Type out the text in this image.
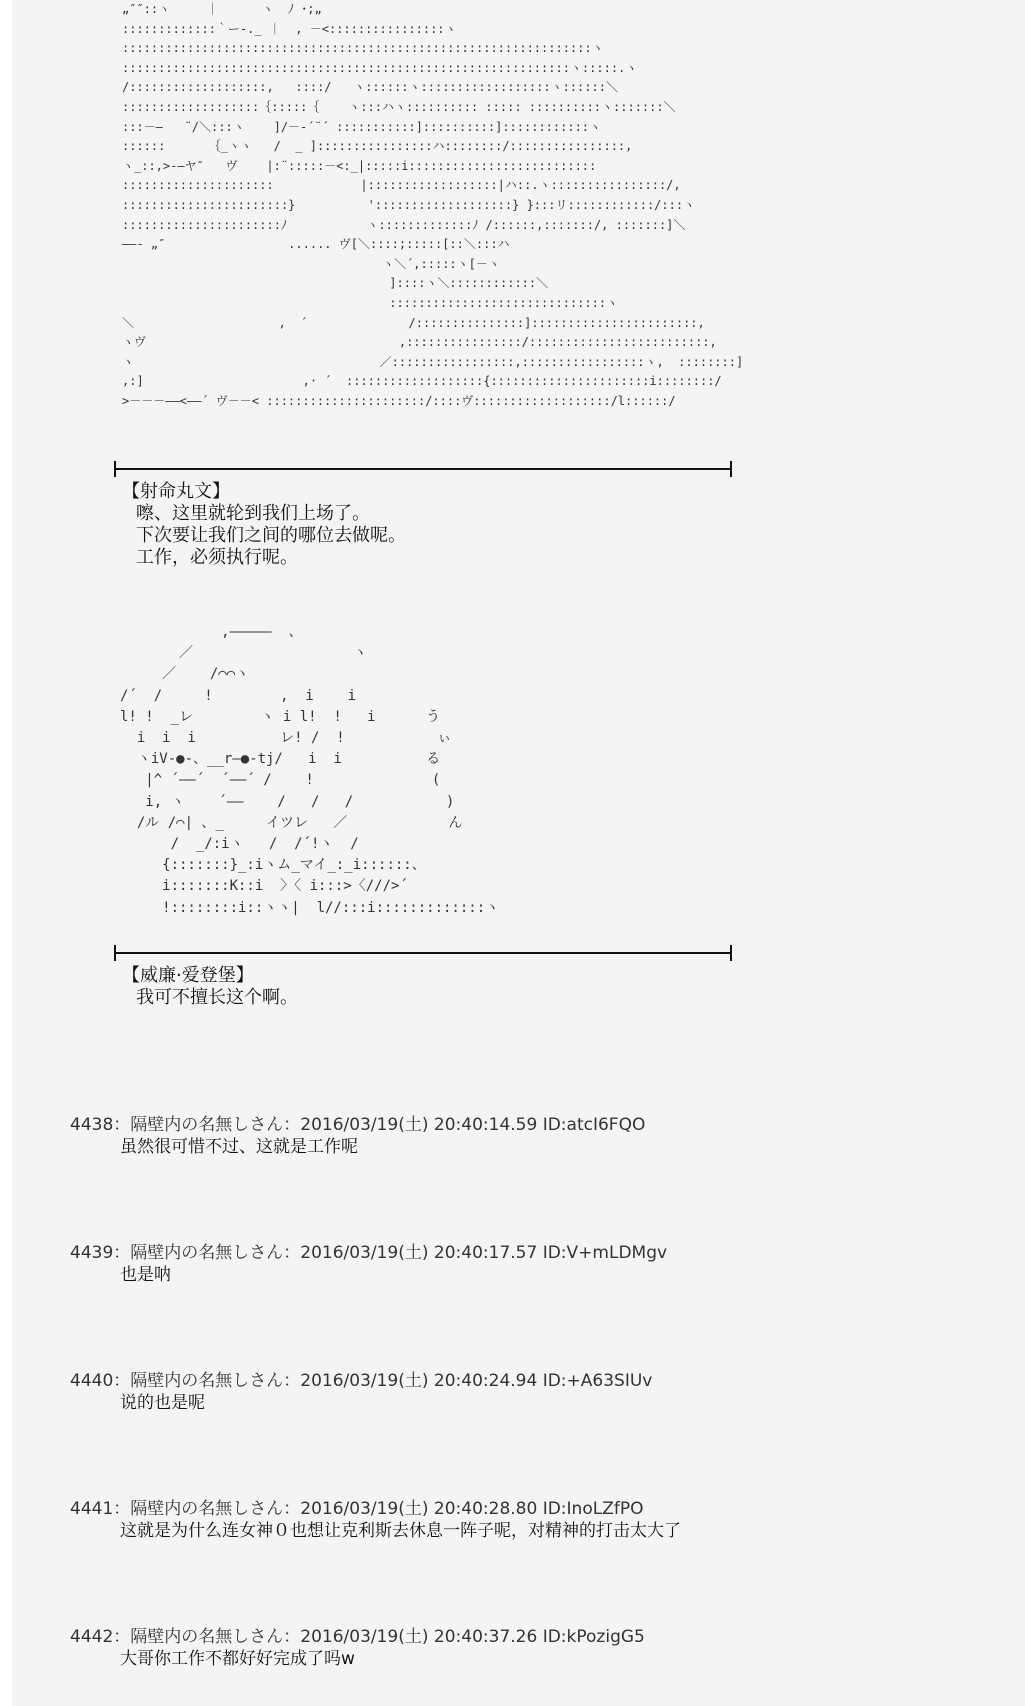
„″″::ヽ     ｜      ヽ  ﾉ ･;„
:::::::::::::｀ー-._ ｜  , －<::::::::::::::::ヽ
:::::::::::::::::::::::::::::::::::::::::::::::::::::::::::::::::ヽ
::::::::::::::::::::::::::::::::::::::::::::::::::::::::::::::ヽ:::::.ヽ
/:::::::::::::::::::,   ::::/   ヽ::::::ヽ::::::::::::::::::ヽ::::::＼
:::::::::::::::::::｛:::::｛    ヽ:::ハヽ:::::::::: ::::: ::::::::::ヽ:::::::＼
:::－―   ¨/＼:::ヽ    ]/－-´¨´ :::::::::::]::::::::::]::::::::::::ヽ
::::::      ｛_ヽヽ   /  _ ]::::::::::::::::ハ::::::::/::::::::::::::::,
ヽ_::,>-―ヤ″   ヴ    |:¨:::::－<:_|:::::i::::::::::::::::::::::::::
:::::::::::::::::::::            |::::::::::::::::::|ハ::.ヽ::::::::::::::::/,
:::::::::::::::::::::::}          ':::::::::::::::::::} }:::リ::::::::::::/:::ヽ
::::::::::::::::::::::ﾉ           ヽ:::::::::::::ﾉ /::::::,:::::::/, :::::::]＼
――- „″                 ...... ヴ[＼::::;:::::[::＼:::ハ
ヽ＼´,:::::ヽ[－ヽ
]::::ヽ＼::::::::::::＼
::::::::::::::::::::::::::::::ヽ
＼                    ,  ´              /:::::::::::::::]:::::::::::::::::::::::,
ヽヴ                                   ,::::::::::::::::/:::::::::::::::::::::::::,
ヽ                                  ／:::::::::::::::::,:::::::::::::::::ヽ,  ::::::::]
,:]                      ,· ´  :::::::::::::::::::{::::::::::::::::::::::i::::::::/
>－－－――<――´ ヴ－－< ::::::::::::::::::::::/::::ヴ:::::::::::::::::::/l::::::/
【射命丸文】
嚓、这里就轮到我们上场了。
下次要让我们之间的哪位去做呢。
工作，必须执行呢。
,―――――  、
／                   ヽ
／    /⌒⌒ヽ
/´  /     !        ,  i    i
l! !  _レ        ヽ i l!  !   i      う
i  i  i          レ! /  !           ぃ
ヽiV-●-、__r―●-tj/   i  i          る
|^ ´――´  ´――´ /    !              (
i, ヽ    ´――    /   /   /           )
/ル /⌒| 、_     イツレ   ／            ん
/  _/:iヽ   /  /´!ヽ  /
{:::::::}_:iヽム_マイ_:_i::::::、
i:::::::K::i  〉〈 i:::>〈///>´
!::::::::i::ヽヽ|  l//:::i:::::::::::::ヽ
【威廉·爱登堡】
我可不擅长这个啊。
4438：隔壁内の名無しさん：2016/03/19(土) 20:40:14.59 ID:atcI6FQO
虽然很可惜不过、这就是工作呢
4439：隔壁内の名無しさん：2016/03/19(土) 20:40:17.57 ID:V+mLDMgv
也是呐
4440：隔壁内の名無しさん：2016/03/19(土) 20:40:24.94 ID:+A63SIUv
说的也是呢
4441：隔壁内の名無しさん：2016/03/19(土) 20:40:28.80 ID:InoLZfPO
这就是为什么连女神０也想让克利斯去休息一阵子呢，对精神的打击太大了
4442：隔壁内の名無しさん：2016/03/19(土) 20:40:37.26 ID:kPozigG5
大哥你工作不都好好完成了吗w
